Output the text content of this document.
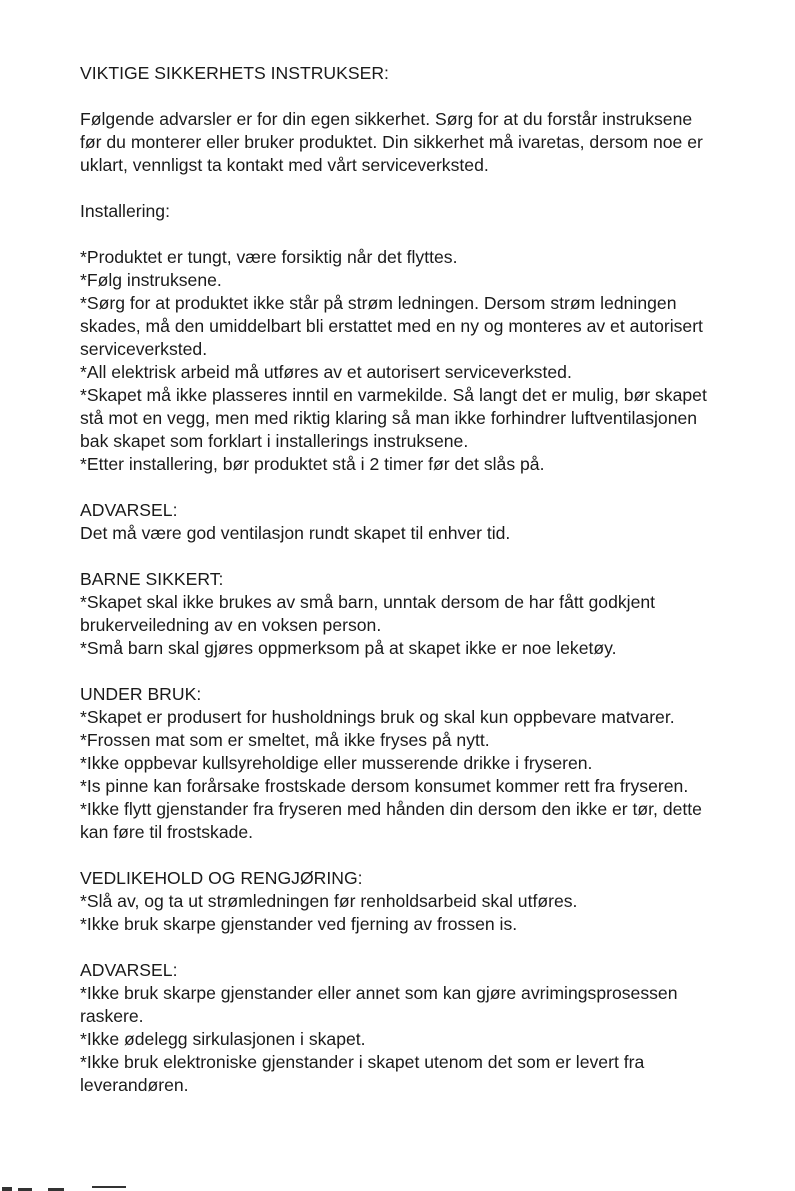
VIKTIGE SIKKERHETS INSTRUKSER:
Følgende advarsler er for din egen sikkerhet. Sørg for at du forstår instruksene
før du monterer eller bruker produktet. Din sikkerhet må ivaretas, dersom noe er
uklart, vennligst ta kontakt med vårt serviceverksted.
Installering:
*Produktet er tungt, være forsiktig når det flyttes.
*Følg instruksene.
*Sørg for at produktet ikke står på strøm ledningen. Dersom strøm ledningen
skades, må den umiddelbart bli erstattet med en ny og monteres av et autorisert
serviceverksted.
*All elektrisk arbeid må utføres av et autorisert serviceverksted.
*Skapet må ikke plasseres inntil en varmekilde. Så langt det er mulig, bør skapet
stå mot en vegg, men med riktig klaring så man ikke forhindrer luftventilasjonen
bak skapet som forklart i installerings instruksene.
*Etter installering, bør produktet stå i 2 timer før det slås på.
ADVARSEL:
Det må være god ventilasjon rundt skapet til enhver tid.
BARNE SIKKERT:
*Skapet skal ikke brukes av små barn, unntak dersom de har fått godkjent
brukerveiledning av en voksen person.
*Små barn skal gjøres oppmerksom på at skapet ikke er noe leketøy.
UNDER BRUK:
*Skapet er produsert for husholdnings bruk og skal kun oppbevare matvarer.
*Frossen mat som er smeltet, må ikke fryses på nytt.
*Ikke oppbevar kullsyreholdige eller musserende drikke i fryseren.
*Is pinne kan forårsake frostskade dersom konsumet kommer rett fra fryseren.
*Ikke flytt gjenstander fra fryseren med hånden din dersom den ikke er tør, dette
kan føre til frostskade.
VEDLIKEHOLD OG RENGJØRING:
*Slå av, og ta ut strømledningen før renholdsarbeid skal utføres.
*Ikke bruk skarpe gjenstander ved fjerning av frossen is.
ADVARSEL:
*Ikke bruk skarpe gjenstander eller annet som kan gjøre avrimingsprosessen
raskere.
*Ikke ødelegg sirkulasjonen i skapet.
*Ikke bruk elektroniske gjenstander i skapet utenom det som er levert fra
leverandøren.
